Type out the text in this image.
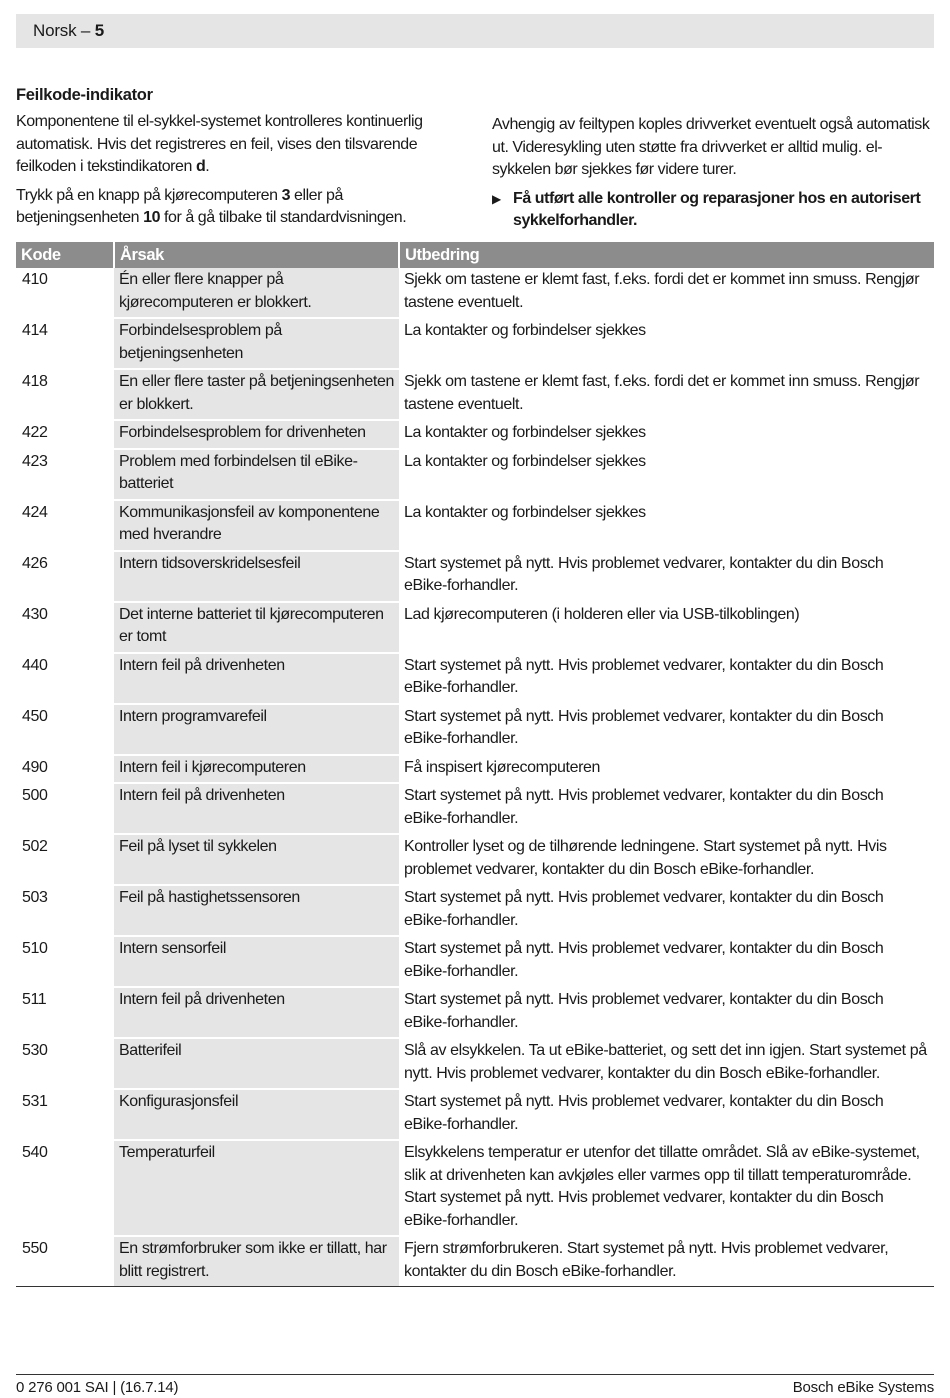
Norsk – 5
Feilkode-indikator

Komponentene til el-sykkel-systemet kontrolleres kontinuerlig automatisk. Hvis det registreres en feil, vises den tilsvarende feilkoden i tekstindikatoren d.

Trykk på en knapp på kjørecomputeren 3 eller på betjeningsenheten 10 for å gå tilbake til standardvisningen.

Avhengig av feiltypen koples drivverket eventuelt også automatisk ut. Videresykling uten støtte fra drivverket er alltid mulig. el-sykkelen bør sjekkes før videre turer.

▶ Få utført alle kontroller og reparasjoner hos en autorisert sykkelforhandler.
Kode	Årsak	Utbedring
410	Én eller flere knapper på kjørecomputeren er blokkert.	Sjekk om tastene er klemt fast, f.eks. fordi det er kommet inn smuss. Rengjør tastene eventuelt.
414	Forbindelsesproblem på betjeningsenheten	La kontakter og forbindelser sjekkes
418	En eller flere taster på betjeningsenheten er blokkert.	Sjekk om tastene er klemt fast, f.eks. fordi det er kommet inn smuss. Rengjør tastene eventuelt.
422	Forbindelsesproblem for drivenheten	La kontakter og forbindelser sjekkes
423	Problem med forbindelsen til eBike-batteriet	La kontakter og forbindelser sjekkes
424	Kommunikasjonsfeil av komponentene med hverandre	La kontakter og forbindelser sjekkes
426	Intern tidsoverskridelsesfeil	Start systemet på nytt. Hvis problemet vedvarer, kontakter du din Bosch eBike-forhandler.
430	Det interne batteriet til kjørecomputeren er tomt	Lad kjørecomputeren (i holderen eller via USB-tilkoblingen)
440	Intern feil på drivenheten	Start systemet på nytt. Hvis problemet vedvarer, kontakter du din Bosch eBike-forhandler.
450	Intern programvarefeil	Start systemet på nytt. Hvis problemet vedvarer, kontakter du din Bosch eBike-forhandler.
490	Intern feil i kjørecomputeren	Få inspisert kjørecomputeren
500	Intern feil på drivenheten	Start systemet på nytt. Hvis problemet vedvarer, kontakter du din Bosch eBike-forhandler.
502	Feil på lyset til sykkelen	Kontroller lyset og de tilhørende ledningene. Start systemet på nytt. Hvis problemet vedvarer, kontakter du din Bosch eBike-forhandler.
503	Feil på hastighetssensoren	Start systemet på nytt. Hvis problemet vedvarer, kontakter du din Bosch eBike-forhandler.
510	Intern sensorfeil	Start systemet på nytt. Hvis problemet vedvarer, kontakter du din Bosch eBike-forhandler.
511	Intern feil på drivenheten	Start systemet på nytt. Hvis problemet vedvarer, kontakter du din Bosch eBike-forhandler.
530	Batterifeil	Slå av elsykkelen. Ta ut eBike-batteriet, og sett det inn igjen. Start systemet på nytt. Hvis problemet vedvarer, kontakter du din Bosch eBike-forhandler.
531	Konfigurasjonsfeil	Start systemet på nytt. Hvis problemet vedvarer, kontakter du din Bosch eBike-forhandler.
540	Temperaturfeil	Elsykkelens temperatur er utenfor det tillatte området. Slå av eBike-systemet, slik at drivenheten kan avkjøles eller varmes opp til tillatt temperaturområde. Start systemet på nytt. Hvis problemet vedvarer, kontakter du din Bosch eBike-forhandler.
550	En strømforbruker som ikke er tillatt, har blitt registrert.	Fjern strømforbrukeren. Start systemet på nytt. Hvis problemet vedvarer, kontakter du din Bosch eBike-forhandler.
0 276 001 SAI | (16.7.14)	Bosch eBike Systems
